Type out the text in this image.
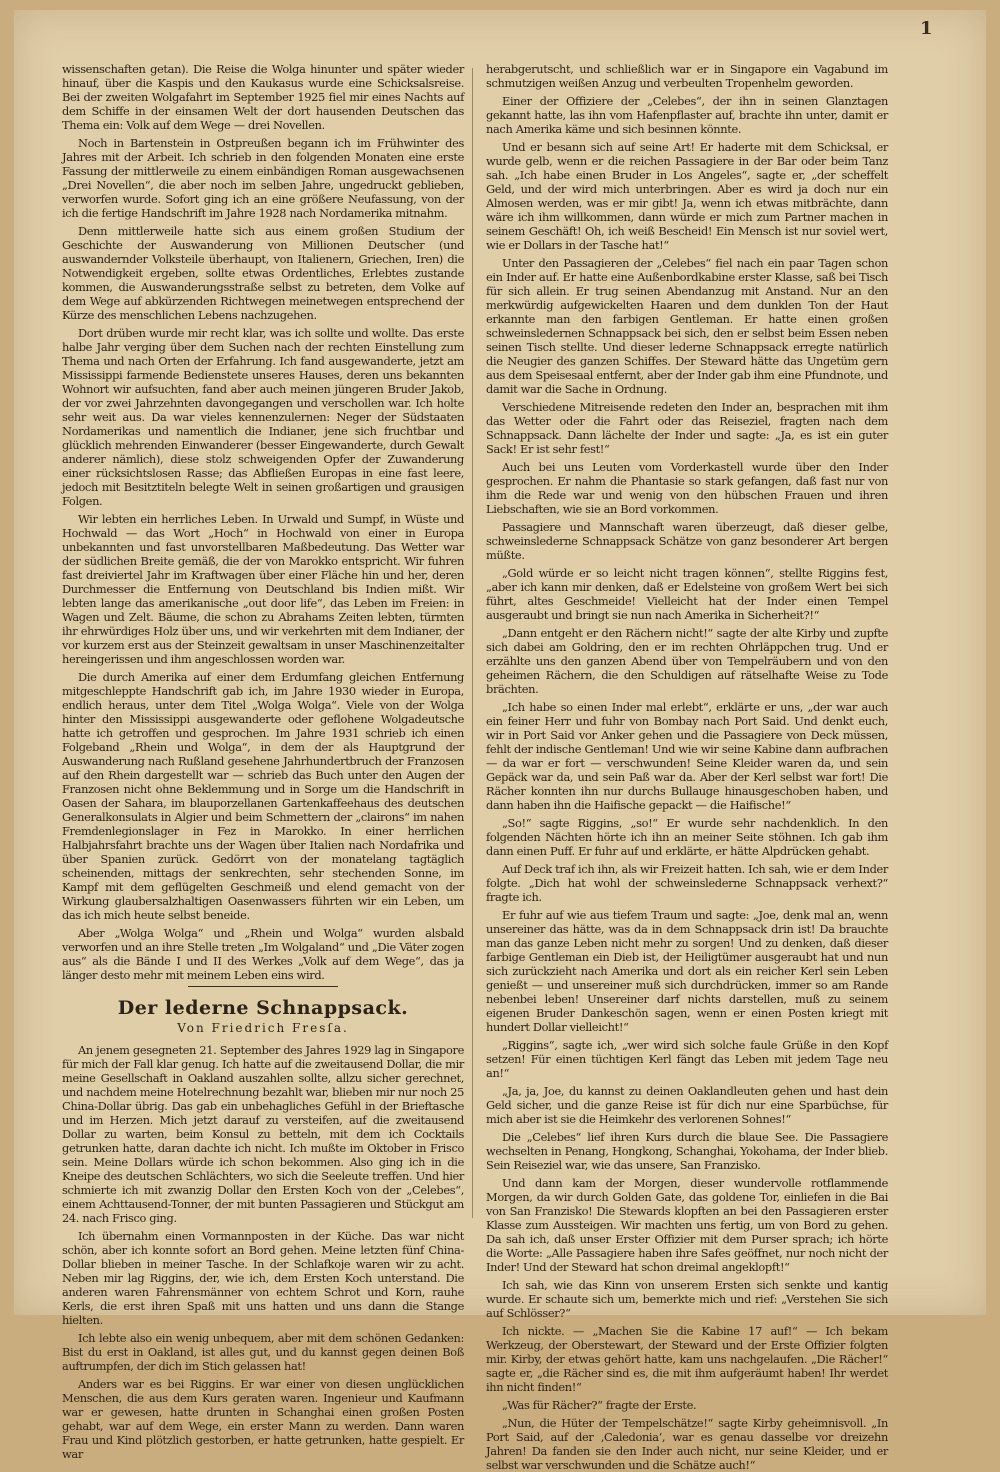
1

wissenschaften getan). Die Reise die Wolga hinunter und später wieder hinauf, über die Kaspis und den Kaukasus wurde eine Schicksalsreise. Bei der zweiten Wolgafahrt im September 1925 fiel mir eines Nachts auf dem Schiffe in der einsamen Welt der dort hausenden Deutschen das Thema ein: Volk auf dem Wege — drei Novellen.

Noch in Bartenstein in Ostpreußen begann ich im Frühwinter des Jahres mit der Arbeit. Ich schrieb in den folgenden Monaten eine erste Fassung der mittlerweile zu einem einbändigen Roman ausgewachsenen „Drei Novellen“, die aber noch im selben Jahre, ungedruckt geblieben, verworfen wurde. Sofort ging ich an eine größere Neufassung, von der ich die fertige Handschrift im Jahre 1928 nach Nordamerika mitnahm.

Denn mittlerweile hatte sich aus einem großen Studium der Geschichte der Auswanderung von Millionen Deutscher (und auswandernder Volksteile überhaupt, von Italienern, Griechen, Iren) die Notwendigkeit ergeben, sollte etwas Ordentliches, Erlebtes zustande kommen, die Auswanderungsstraße selbst zu betreten, dem Volke auf dem Wege auf abkürzenden Richtwegen meinetwegen entsprechend der Kürze des menschlichen Lebens nachzugehen.

Dort drüben wurde mir recht klar, was ich sollte und wollte. Das erste halbe Jahr verging über dem Suchen nach der rechten Einstellung zum Thema und nach Orten der Erfahrung. Ich fand ausgewanderte, jetzt am Mississippi farmende Bedienstete unseres Hauses, deren uns bekannten Wohnort wir aufsuchten, fand aber auch meinen jüngeren Bruder Jakob, der vor zwei Jahrzehnten davongegangen und verschollen war. Ich holte sehr weit aus. Da war vieles kennenzulernen: Neger der Südstaaten Nordamerikas und namentlich die Indianer, jene sich fruchtbar und glücklich mehrenden Einwanderer (besser Eingewanderte, durch Gewalt anderer nämlich), diese stolz schweigenden Opfer der Zuwanderung einer rücksichtslosen Rasse; das Abfließen Europas in eine fast leere, jedoch mit Besitztiteln belegte Welt in seinen großartigen und grausigen Folgen.

Wir lebten ein herrliches Leben. In Urwald und Sumpf, in Wüste und Hochwald — das Wort „Hoch“ in Hochwald von einer in Europa unbekannten und fast unvorstellbaren Maßbedeutung. Das Wetter war der südlichen Breite gemäß, die der von Marokko entspricht. Wir fuhren fast dreiviertel Jahr im Kraftwagen über einer Fläche hin und her, deren Durchmesser die Entfernung von Deutschland bis Indien mißt. Wir lebten lange das amerikanische „out door life“, das Leben im Freien: in Wagen und Zelt. Bäume, die schon zu Abrahams Zeiten lebten, türmten ihr ehrwürdiges Holz über uns, und wir verkehrten mit dem Indianer, der vor kurzem erst aus der Steinzeit gewaltsam in unser Maschinenzeitalter hereingerissen und ihm angeschlossen worden war.

Die durch Amerika auf einer dem Erdumfang gleichen Entfernung mitgeschleppte Handschrift gab ich, im Jahre 1930 wieder in Europa, endlich heraus, unter dem Titel „Wolga Wolga“. Viele von der Wolga hinter den Mississippi ausgewanderte oder geflohene Wolgadeutsche hatte ich getroffen und gesprochen. Im Jahre 1931 schrieb ich einen Folgeband „Rhein und Wolga“, in dem der als Hauptgrund der Auswanderung nach Rußland gesehene Jahrhundertbruch der Franzosen auf den Rhein dargestellt war — schrieb das Buch unter den Augen der Franzosen nicht ohne Beklemmung und in Sorge um die Handschrift in Oasen der Sahara, im blauporzellanen Gartenkaffeehaus des deutschen Generalkonsulats in Algier und beim Schmettern der „clairons“ im nahen Fremdenlegionslager in Fez in Marokko. In einer herrlichen Halbjahrsfahrt brachte uns der Wagen über Italien nach Nordafrika und über Spanien zurück. Gedörrt von der monatelang tagtäglich scheinenden, mittags der senkrechten, sehr stechenden Sonne, im Kampf mit dem geflügelten Geschmeiß und elend gemacht von der Wirkung glaubersalzhaltigen Oasenwassers führten wir ein Leben, um das ich mich heute selbst beneide.

Aber „Wolga Wolga“ und „Rhein und Wolga“ wurden alsbald verworfen und an ihre Stelle treten „Im Wolgaland“ und „Die Väter zogen aus“ als die Bände I und II des Werkes „Volk auf dem Wege“, das ja länger desto mehr mit meinem Leben eins wird.

Der lederne Schnappsack.
Von Friedrich Fresſa.

An jenem gesegneten 21. September des Jahres 1929 lag in Singapore für mich der Fall klar genug. Ich hatte auf die zweitausend Dollar, die mir meine Gesellschaft in Oakland auszahlen sollte, allzu sicher gerechnet, und nachdem meine Hotelrechnung bezahlt war, blieben mir nur noch 25 China-Dollar übrig. Das gab ein unbehagliches Gefühl in der Brieftasche und im Herzen. Mich jetzt darauf zu versteifen, auf die zweitausend Dollar zu warten, beim Konsul zu betteln, mit dem ich Cocktails getrunken hatte, daran dachte ich nicht. Ich mußte im Oktober in Frisco sein. Meine Dollars würde ich schon bekommen. Also ging ich in die Kneipe des deutschen Schlächters, wo sich die Seeleute treffen. Und hier schmierte ich mit zwanzig Dollar den Ersten Koch von der „Celebes“, einem Achttausend-Tonner, der mit bunten Passagieren und Stückgut am 24. nach Frisco ging.

Ich übernahm einen Vormannposten in der Küche. Das war nicht schön, aber ich konnte sofort an Bord gehen. Meine letzten fünf China-Dollar blieben in meiner Tasche. In der Schlafkoje waren wir zu acht. Neben mir lag Riggins, der, wie ich, dem Ersten Koch unterstand. Die anderen waren Fahrensmänner von echtem Schrot und Korn, rauhe Kerls, die erst ihren Spaß mit uns hatten und uns dann die Stange hielten.

Ich lebte also ein wenig unbequem, aber mit dem schönen Gedanken: Bist du erst in Oakland, ist alles gut, und du kannst gegen deinen Boß auftrumpfen, der dich im Stich gelassen hat!

Anders war es bei Riggins. Er war einer von diesen unglücklichen Menschen, die aus dem Kurs geraten waren. Ingenieur und Kaufmann war er gewesen, hatte drunten in Schanghai einen großen Posten gehabt, war auf dem Wege, ein erster Mann zu werden. Dann waren Frau und Kind plötzlich gestorben, er hatte getrunken, hatte gespielt. Er war

herabgerutscht, und schließlich war er in Singapore ein Vagabund im schmutzigen weißen Anzug und verbeulten Tropenhelm geworden.

Einer der Offiziere der „Celebes“, der ihn in seinen Glanztagen gekannt hatte, las ihn vom Hafenpflaster auf, brachte ihn unter, damit er nach Amerika käme und sich besinnen könnte.

Und er besann sich auf seine Art! Er haderte mit dem Schicksal, er wurde gelb, wenn er die reichen Passagiere in der Bar oder beim Tanz sah. „Ich habe einen Bruder in Los Angeles“, sagte er, „der scheffelt Geld, und der wird mich unterbringen. Aber es wird ja doch nur ein Almosen werden, was er mir gibt! Ja, wenn ich etwas mitbrächte, dann wäre ich ihm willkommen, dann würde er mich zum Partner machen in seinem Geschäft! Oh, ich weiß Bescheid! Ein Mensch ist nur soviel wert, wie er Dollars in der Tasche hat!“

Unter den Passagieren der „Celebes“ fiel nach ein paar Tagen schon ein Inder auf. Er hatte eine Außenbordkabine erster Klasse, saß bei Tisch für sich allein. Er trug seinen Abendanzug mit Anstand. Nur an den merkwürdig aufgewickelten Haaren und dem dunklen Ton der Haut erkannte man den farbigen Gentleman. Er hatte einen großen schweinsledernen Schnappsack bei sich, den er selbst beim Essen neben seinen Tisch stellte. Und dieser lederne Schnappsack erregte natürlich die Neugier des ganzen Schiffes. Der Steward hätte das Ungetüm gern aus dem Speisesaal entfernt, aber der Inder gab ihm eine Pfundnote, und damit war die Sache in Ordnung.

Verschiedene Mitreisende redeten den Inder an, besprachen mit ihm das Wetter oder die Fahrt oder das Reiseziel, fragten nach dem Schnappsack. Dann lächelte der Inder und sagte: „Ja, es ist ein guter Sack! Er ist sehr fest!“

Auch bei uns Leuten vom Vorderkastell wurde über den Inder gesprochen. Er nahm die Phantasie so stark gefangen, daß fast nur von ihm die Rede war und wenig von den hübschen Frauen und ihren Liebschaften, wie sie an Bord vorkommen.

Passagiere und Mannschaft waren überzeugt, daß dieser gelbe, schweinslederne Schnappsack Schätze von ganz besonderer Art bergen müßte.

„Gold würde er so leicht nicht tragen können“, stellte Riggins fest, „aber ich kann mir denken, daß er Edelsteine von großem Wert bei sich führt, altes Geschmeide! Vielleicht hat der Inder einen Tempel ausgeraubt und bringt sie nun nach Amerika in Sicherheit?!“

„Dann entgeht er den Rächern nicht!“ sagte der alte Kirby und zupfte sich dabei am Goldring, den er im rechten Ohrläppchen trug. Und er erzählte uns den ganzen Abend über von Tempelräubern und von den geheimen Rächern, die den Schuldigen auf rätselhafte Weise zu Tode brächten.

„Ich habe so einen Inder mal erlebt“, erklärte er uns, „der war auch ein feiner Herr und fuhr von Bombay nach Port Said. Und denkt euch, wir in Port Said vor Anker gehen und die Passagiere von Deck müssen, fehlt der indische Gentleman! Und wie wir seine Kabine dann aufbrachen — da war er fort — verschwunden! Seine Kleider waren da, und sein Gepäck war da, und sein Paß war da. Aber der Kerl selbst war fort! Die Rächer konnten ihn nur durchs Bullauge hinausgeschoben haben, und dann haben ihn die Haifische gepackt — die Haifische!“

„So!“ sagte Riggins, „so!“ Er wurde sehr nachdenklich. In den folgenden Nächten hörte ich ihn an meiner Seite stöhnen. Ich gab ihm dann einen Puff. Er fuhr auf und erklärte, er hätte Alpdrücken gehabt.

Auf Deck traf ich ihn, als wir Freizeit hatten. Ich sah, wie er dem Inder folgte. „Dich hat wohl der schweinslederne Schnappsack verhext?“ fragte ich.

Er fuhr auf wie aus tiefem Traum und sagte: „Joe, denk mal an, wenn unsereiner das hätte, was da in dem Schnappsack drin ist! Da brauchte man das ganze Leben nicht mehr zu sorgen! Und zu denken, daß dieser farbige Gentleman ein Dieb ist, der Heiligtümer ausgeraubt hat und nun sich zurückzieht nach Amerika und dort als ein reicher Kerl sein Leben genießt — und unsereiner muß sich durchdrücken, immer so am Rande nebenbei leben! Unsereiner darf nichts darstellen, muß zu seinem eigenen Bruder Dankeschön sagen, wenn er einen Posten kriegt mit hundert Dollar vielleicht!“

„Riggins“, sagte ich, „wer wird sich solche faule Grüße in den Kopf setzen! Für einen tüchtigen Kerl fängt das Leben mit jedem Tage neu an!“

„Ja, ja, Joe, du kannst zu deinen Oaklandleuten gehen und hast dein Geld sicher, und die ganze Reise ist für dich nur eine Sparbüchse, für mich aber ist sie die Heimkehr des verlorenen Sohnes!“

Die „Celebes“ lief ihren Kurs durch die blaue See. Die Passagiere wechselten in Penang, Hongkong, Schanghai, Yokohama, der Inder blieb. Sein Reiseziel war, wie das unsere, San Franzisko.

Und dann kam der Morgen, dieser wundervolle rotflammende Morgen, da wir durch Golden Gate, das goldene Tor, einliefen in die Bai von San Franzisko! Die Stewards klopften an bei den Passagieren erster Klasse zum Aussteigen. Wir machten uns fertig, um von Bord zu gehen. Da sah ich, daß unser Erster Offizier mit dem Purser sprach; ich hörte die Worte: „Alle Passagiere haben ihre Safes geöffnet, nur noch nicht der Inder! Und der Steward hat schon dreimal angeklopft!“

Ich sah, wie das Kinn von unserem Ersten sich senkte und kantig wurde. Er schaute sich um, bemerkte mich und rief: „Verstehen Sie sich auf Schlösser?“

Ich nickte. — „Machen Sie die Kabine 17 auf!“ — Ich bekam Werkzeug, der Oberstewart, der Steward und der Erste Offizier folgten mir. Kirby, der etwas gehört hatte, kam uns nachgelaufen. „Die Rächer!“ sagte er, „die Rächer sind es, die mit ihm aufgeräumt haben! Ihr werdet ihn nicht finden!“

„Was für Rächer?“ fragte der Erste.

„Nun, die Hüter der Tempelschätze!“ sagte Kirby geheimnisvoll. „In Port Said, auf der ‚Caledonia‘, war es genau dasselbe vor dreizehn Jahren! Da fanden sie den Inder auch nicht, nur seine Kleider, und er selbst war verschwunden und die Schätze auch!“
